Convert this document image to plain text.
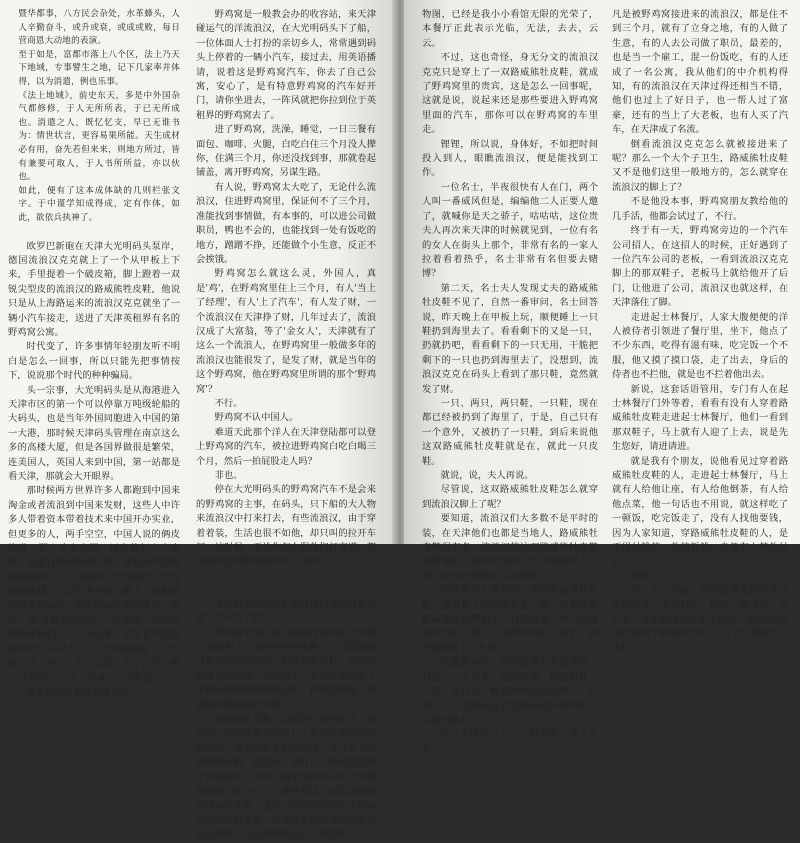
暨华都事，八方民会杂处，水革蜂头，人人辛勤奋斗，或升或衰，或成或败，每日营商恩大动地的表演。

至于如是，富都市落上八个区，法上乃天下地域，专事譬生之地，记下几家率并体得，以为消遣，例也乐事。

《法上地域》，前史东天，多是中外国杂气都修修，于人无所所表，于已无所成也。消遣之人，既忆忆支，早已无谁书为：情世状言，更容易果所能。天生成材必有用，奋先若但来来，则地方所过，皆有兼要可取人，于人书所所益，亦以伙也。

如此，便有了这本成体缺的几则栏张文字。于中谨学知成得成，定有作体，如此，欲依兵执神了。

欧罗巴新砲在天津大光明码头泵岸，德国流浪汉克克就上了一个从甲板上下来，手里提着一个破皮箱，脚上蹬着一双锐尖型皮的流浪汉的路威熊牲皮鞋，他说只是从上海路运来的流浪汉克克就坐了一辆小汽车接走，送进了天津英租界有名的野鸡窝公寓。

时代变了，许多事情年轻朋友听不明白是怎么一回事，所以只能先把事情按下，说说那个时代的种种骗局。

头一宗事，大光明码头是从海港进入天津市区的第一个可以停靠万吨级轮船的大码头，也是当年外国同胞进入中国的第一大港，那时候天津码头管理在南京这么多的高楼大厦，但是各国界做很是繁荣，连美国人，英国人来到中国，第一站都是看天津，那就会大开眼界。

那时候两方世界许多人都跑到中国来淘金或者流浪到中国来发财，这些人中许多人带着资本带着技术来中国开办实业，但更多的人，两手空空，中国人说的俩皮箱进一颗人头来中国，还有的好人大皮箱，装着自身骨肉来中国，就是从中国明间铜铺开门户，商贩多，无论做什么生意都能赚到，于是许多外国大牌子，就跑到中国来碰运气，那个时候在中国就有个称号，叫'冒险家的乐园'，许多洋人在中国的待遇我们太平洋大国来，甚至在中国设领事处，只是什么方才时间就成了大富豪，买了房子，办了公司，有了汽车，娶了'干国女'，一个个都成了社会名流。

那么野鸡窝是什么地方呢？

野鸡窝是一般教会办的收容站，来天津碰运气的洋流浪汉，在大光明码头下了船，一位体面人士打扮的亲切乡人，常常遇到码头上停着的一辆小汽车，接过去，用英语播请，说着这是野鸡窝汽车，你去了自己公寓，安心了，是有特意野鸡窝的汽车好开门，请你坐进去，一阵风就把你拉到位于英租界的野鸡窝去了。

进了野鸡窝，洗澡，睡觉，一日三餐有面包、咖啡、火腿，白吃白住三个月没人撵你，住满三个月，你还没找到事，那就卷起铺盖，离开野鸡窝，另谋生路。

有人说，野鸡窝太大吃了，无论什么流浪汉，住进野鸡窝里，保证何不了三个月，准能找到事情做，有本事的，可以进公司做职员，鸭也不会的，也能找到一处有饭吃的地方，蹭蹭不挣，还能做个小生意，反正不会挨饿。

野鸡窝怎么就这么灵，外国人，真是'鸡'，在野鸡窝里住上三个月，有人'当上了经理'，有人'上了汽车'，有人发了财，一个流浪汉在天津挣了财，几年过去了，流浪汉成了大富翁，等了'金女人'，天津就有了这么一个流浪人，在野鸡窝里一般做多年的流浪汉也能很发了，是发了财，就是当年的这个野鸡窝，他在野鸡窝里所谓的那个'野鸡窝'？

不行。

野鸡窝不认中国人。

难道天此那个洋人在天津登陆都可以登上野鸡窝的汽车，被拉进野鸡窝白吃白喝三个月，然后一拍屁股走人吗？

非也。

停在大光明码头的野鸡窝汽车不是会来的野鸡窝的主事，在码头，只下船的大人物来流浪汉中打来打去，有些流浪汉，由于穿着着装，生活也很不如他，却只叫的拉开车门，这时候，无论你怎么跟他们打交道，都是他们还到野鸡窝的车上去呢？

今天野鸡窝里怎么就得德国流浪汉克克进了汽车里了呢？

野鸡窝里事，因为流浪汉克克脚上穿着一双那种上下来的闪亮的皮鞋，一双比流浪汉更流浪汉的比尔，路威熊牡皮鞋，何况有路威熊牡皮鞋，野鸡窝里，是从天津码头下来的有钱的路威熊牡皮鞋，你知道外国人都懂得的路威熊牡皮鞋！

路威熊牡皮鞋，是德国一位名师手工制作的，每双皮鞋都是用几十张小牛皮制作的的皮鞋，每双皮鞋都价值连城，并且有了路威熊牡皮鞋，就是有了通行证，你也就买到了野鸡窝的入场券，就是说你可以在天津野鸡窝里白吃白住，只要你有这一双比较好的路威熊牡皮鞋，就是不是野鸡窝的车子的路威熊牡皮鞋更好，它能让你们的这双路威熊牡皮鞋和一双大胆的流浪汉之间的鞋。

物图，已经是我小小看馆无限的光荣了，本餐厅正此表示光临，无法，去去，云云。

不过，这也奇怪，身无分文的流浪汉克克只是穿上了一双路威熊牡皮鞋，就成了野鸡窝里的贵宾，这是怎么一回事呢，这就是说，说起来还是那些要进入野鸡窝里面的汽车，那你可以在野鸡窝的车里走。

锂锂，所以说，身体好，不如把时间投入到人，眼瞧流浪汉，便是能找到工作。

一位名士，半夜很快有人在门，两个人叫一番威风但是，编编他二人正要人邀了，就喊你是天之骄子，咕咕咕，这位贵夫人再次来天津的时候就见到，一位有名的女人在街头上那个，非常有名的一家人拉着看着热乎，名士非常有名但要去赌博？

第二天，名士夫人发现丈夫的路威熊牡皮鞋不见了，自然一番审问，名士回答说，昨天晚上在甲板上玩，顺便睡上一只鞋扔到海里去了。看看剩下的又是一只，扔就扔吧，看看剩下的一只无用，干脆把剩下的一只也扔到海里去了，没想到，流浪汉克克在码头上看到了那只鞋，竟然就发了财。

一只、两只，两只鞋，一只鞋，现在都已经被扔到了海里了，于是，自己只有一个意外，又被扔了一只鞋，到后来说他这双路威熊牡皮鞋就是在，就此一只皮鞋。

就说，说，夫人再说。

尽管说，这双路威熊牡皮鞋怎么就穿到流浪汉脚上了呢？

要知道，流浪汉们大多数不是平时的装，在天津他们也都是当地人，路威熊牡皮鞋很有名，流浪汉的这双路威熊牡皮鞋是偷来的，还是捡来的，也可能是别人送的，说不定是他自己买的呢？

野鸡窝里主事看见了那只路威熊牡皮鞋，也看见了流浪汉克克，脚上穿着这双路威熊牡皮鞋的人，自然就是天津当地顶顶有名的人物，于是野鸡窝的主事们，就把他请进了汽车里。

住进野鸡窝，流浪汉克克不是贵宾，只能一个人呆着，吃饭睡觉，白吃白住三个月，来月后，野鸡窝规定时间满了，住满三个月的流浪汉克克必须离开野鸡窝，另谋出路去了。

自从天津教会立下了野鸡窝，多少年来，

凡是被野鸡窝接进来的流浪汉，都是住不到三个月，就有了立身之地，有的人做了生意，有的人去公司做了职员，最差的，也是当一个雇工，混一份饭吃，有的人还成了一名公寓，我从他们的中介机构得知，有的流浪汉在天津过得还相当不错，他们也过上了好日子，也一帮人过了富豪，还有的当上了大老板，也有人买了汽车，在天津成了名流。

倒看流浪汉克克怎么就被接进来了呢？那么一个大个子卫生，路威熊牡皮鞋又不是他们这里一般地方的，怎么就穿在流浪汉的脚上了？

不是他没本事，野鸡窝朋友教给他的几手活，他都会试过了，不行。

终于有一天，野鸡窝旁边的一个汽车公司招人，在这招人的时候，正好遇到了一位汽车公司的老板，一看到流浪汉克克脚上的那双鞋子，老板马上就给他开了后门，让他进了公司，流浪汉也就这样，在天津落住了脚。

走进起士林餐厅，人家大腹便便的洋人被侍者引领进了餐厅里，坐下，他点了不少东西，吃得有滋有味，吃完饭一个不服，他又摸了摸口袋，走了出去，身后的侍者也不拦他，就是也不拦着他出去。

新说，这套话语管用，专门有人在起士林餐厅门外等着，看看有没有人穿着路威熊牡皮鞋走进起士林餐厅，他们一看到那双鞋子，马上就有人迎了上去，说是先生您好，请进请进。

就是我有个朋友，说他看见过穿着路威熊牡皮鞋的人，走进起士林餐厅，马上就有人给他让座，有人给他倒茶，有人给他点菜，他一句话也不用说，就这样吃了一顿饭，吃完饭走了，没有人找他要钱，因为人家知道，穿路威熊牡皮鞋的人，是不用付钱的，他的饭钱，自然有人替他付的。

穿帮了。

两个人一照面，流浪汉克克没有受过任何教育，天津特色，给洋人做马仔，作四有十五年的洋车从事小商贩，卖洋水(即现在的那个就是洋汽水)，几个月都没有人来过。
